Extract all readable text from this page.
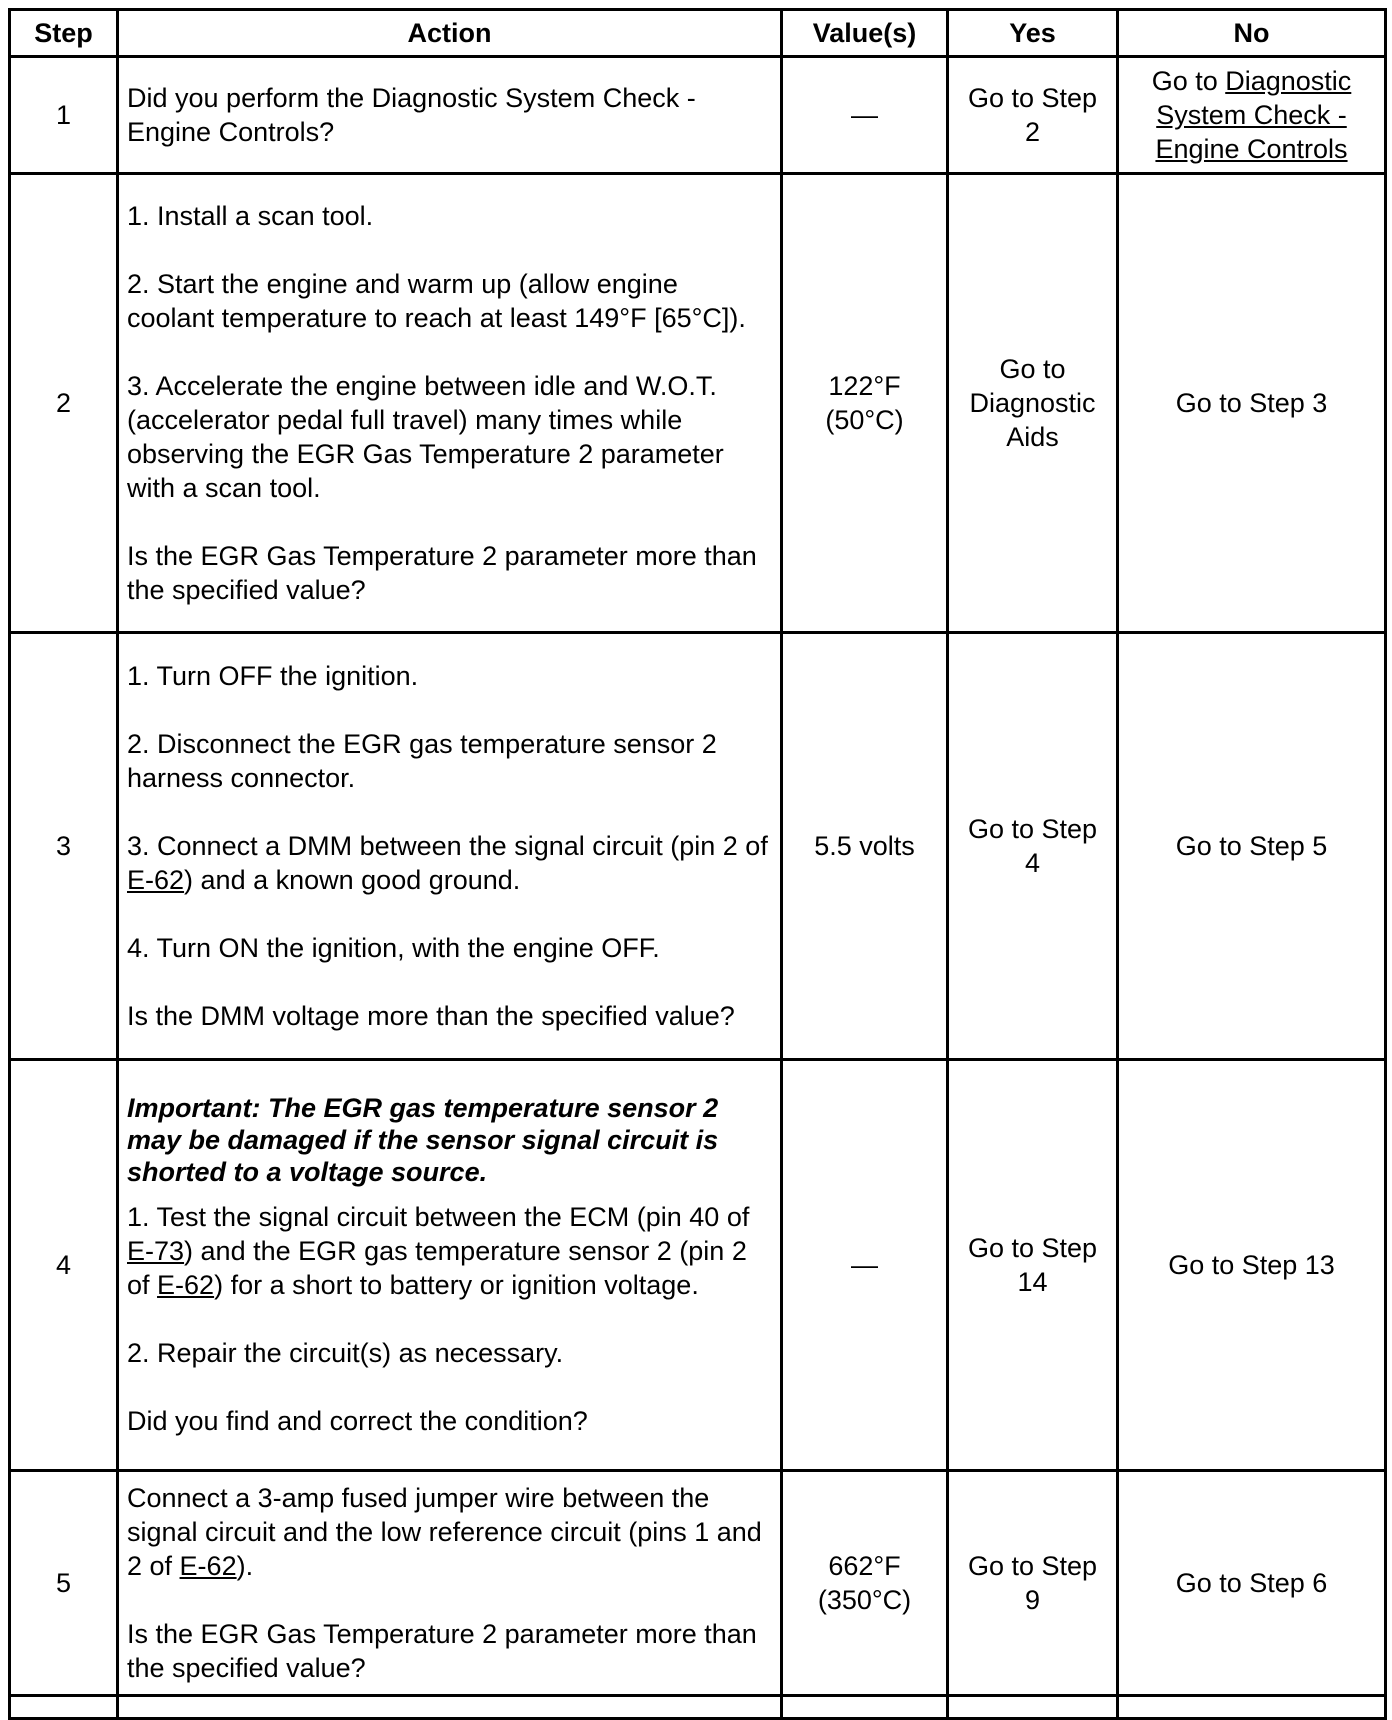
Step	Action	Value(s)	Yes	No
1	Did you perform the Diagnostic System Check - Engine Controls?	—	Go to Step 2	Go to Diagnostic System Check - Engine Controls
2	1. Install a scan tool.
2. Start the engine and warm up (allow engine coolant temperature to reach at least 149°F [65°C]).
3. Accelerate the engine between idle and W.O.T. (accelerator pedal full travel) many times while observing the EGR Gas Temperature 2 parameter with a scan tool.
Is the EGR Gas Temperature 2 parameter more than the specified value?	122°F (50°C)	Go to Diagnostic Aids	Go to Step 3
3	1. Turn OFF the ignition.
2. Disconnect the EGR gas temperature sensor 2 harness connector.
3. Connect a DMM between the signal circuit (pin 2 of E-62) and a known good ground.
4. Turn ON the ignition, with the engine OFF.
Is the DMM voltage more than the specified value?	5.5 volts	Go to Step 4	Go to Step 5
4	Important: The EGR gas temperature sensor 2 may be damaged if the sensor signal circuit is shorted to a voltage source.
1. Test the signal circuit between the ECM (pin 40 of E-73) and the EGR gas temperature sensor 2 (pin 2 of E-62) for a short to battery or ignition voltage.
2. Repair the circuit(s) as necessary.
Did you find and correct the condition?	—	Go to Step 14	Go to Step 13
5	Connect a 3-amp fused jumper wire between the signal circuit and the low reference circuit (pins 1 and 2 of E-62).
Is the EGR Gas Temperature 2 parameter more than the specified value?	662°F (350°C)	Go to Step 9	Go to Step 6
